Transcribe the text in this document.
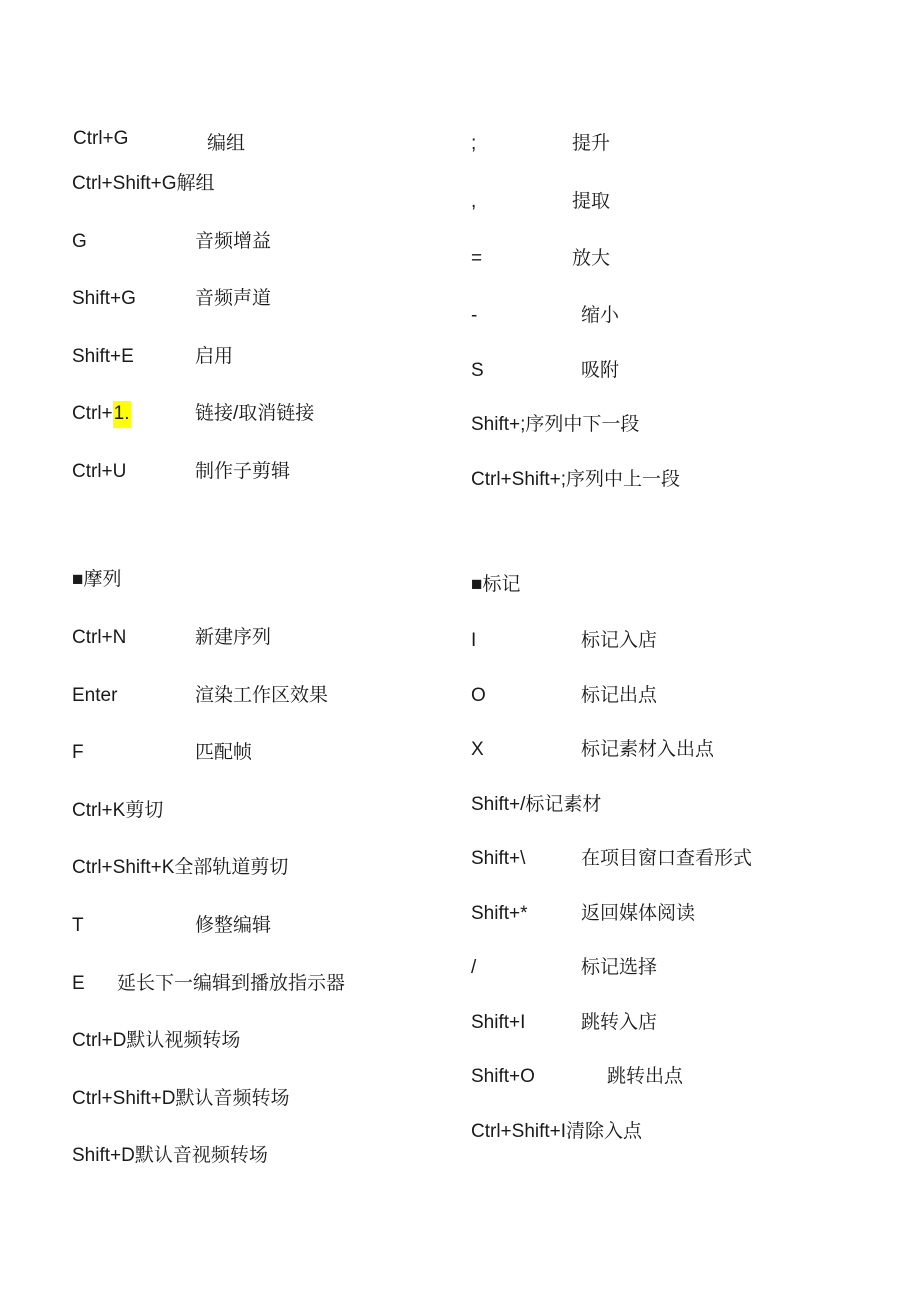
Ctrl+G	编组
Ctrl+Shift+G解组
G	音频增益
Shift+G	音频声道
Shift+E	启用
Ctrl+1.	链接/取消链接
Ctrl+U	制作子剪辑
;	提升
,	提取
=	放大
-	缩小
S	吸附
Shift+;序列中下一段
Ctrl+Shift+;序列中上一段
■摩列
Ctrl+N	新建序列
Enter	渲染工作区效果
F	匹配帧
Ctrl+K剪切
Ctrl+Shift+K全部轨道剪切
T	修整编辑
E 延长下一编辑到播放指示器
Ctrl+D默认视频转场
Ctrl+Shift+D默认音频转场
Shift+D默认音视频转场
■标记
I	标记入店
O	标记出点
X	标记素材入出点
Shift+/标记素材
Shift+\	在项目窗口查看形式
Shift+*	返回媒体阅读
/	标记选择
Shift+I	跳转入店
Shift+O	跳转出点
Ctrl+Shift+I清除入点
